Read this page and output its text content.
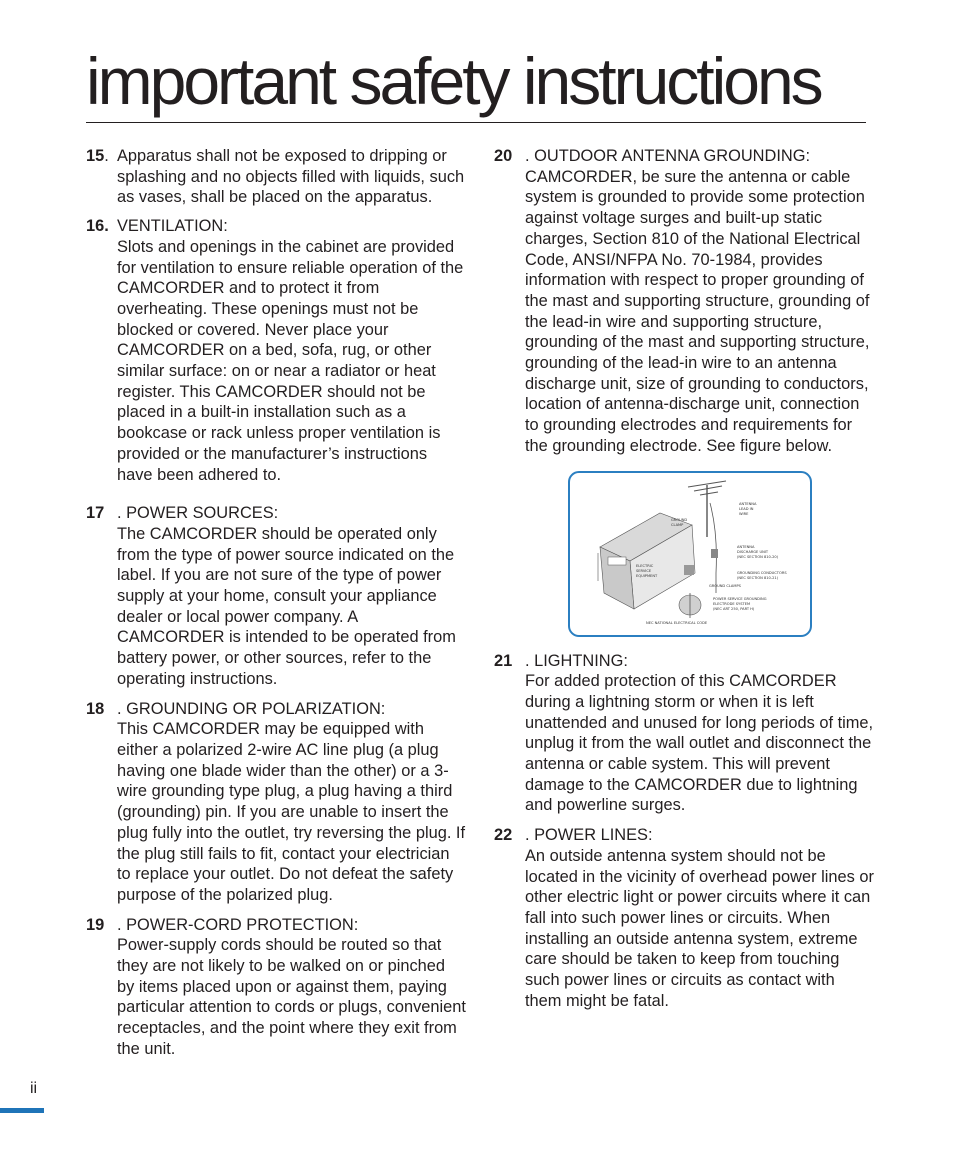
important safety instructions
15. Apparatus shall not be exposed to dripping or splashing and no objects filled with liquids, such as vases, shall be placed on the apparatus.

16. VENTILATION:

Slots and openings in the cabinet are provided for ventilation to ensure reliable operation of the CAMCORDER and to protect it from overheating. These openings must not be blocked or covered. Never place your CAMCORDER on a bed, sofa, rug, or other similar surface: on or near a radiator or heat register. This CAMCORDER should not be placed in a built-in installation such as a bookcase or rack unless proper ventilation is provided or the manufacturer’s instructions have been adhered to.

17 . POWER SOURCES:

The CAMCORDER should be operated only from the type of power source indicated on the label. If you are not sure of the type of power supply at your home, consult your appliance dealer or local power company. A CAMCORDER is intended to be operated from battery power, or other sources, refer to the operating instructions.

18 . GROUNDING OR POLARIZATION:

This CAMCORDER may be equipped with either a polarized 2-wire AC line plug (a plug having one blade wider than the other) or a 3-wire grounding type plug, a plug having a third (grounding) pin. If you are unable to insert the plug fully into the outlet, try reversing the plug. If the plug still fails to fit, contact your electrician to replace your outlet. Do not defeat the safety purpose of the polarized plug.

19 . POWER-CORD PROTECTION:

Power-supply cords should be routed so that they are not likely to be walked on or pinched by items placed upon or against them, paying particular attention to cords or plugs, convenient receptacles, and the point where they exit from the unit.

20 . OUTDOOR ANTENNA GROUNDING:

CAMCORDER, be sure the antenna or cable system is grounded to provide some protection against voltage surges and built-up static charges, Section 810 of the National Electrical Code, ANSI/NFPA No. 70-1984, provides information with respect to proper grounding of the mast and supporting structure, grounding of the lead-in wire and supporting structure, grounding of the mast and supporting structure, grounding of the lead-in wire to an antenna discharge unit, size of grounding to conductors, location of antenna-discharge unit, connection to grounding electrodes and requirements for the grounding electrode. See figure below.

GROUND
CLAMP
ANTENNA
LEAD IN
WIRE
ANTENNA
DISCHARGE UNIT
(NEC SECTION 810-20)
ELECTRIC
SERVICE
EQUIPMENT
GROUNDING CONDUCTORS
(NEC SECTION 810-21)
GROUND CLAMPS
POWER SERVICE GROUNDING
ELECTRODE SYSTEM
(NEC ART 250, PART H)
NEC NATIONAL ELECTRICAL CODE
21 . LIGHTNING:

For added protection of this CAMCORDER during a lightning storm or when it is left unattended and unused for long periods of time, unplug it from the wall outlet and disconnect the antenna or cable system. This will prevent damage to the CAMCORDER due to lightning and powerline surges.

22 . POWER LINES:

An outside antenna system should not be located in the vicinity of overhead power lines or other electric light or power circuits where it can fall into such power lines or circuits. When installing an outside antenna system, extreme care should be taken to keep from touching such power lines or circuits as contact with them might be fatal.

ii
